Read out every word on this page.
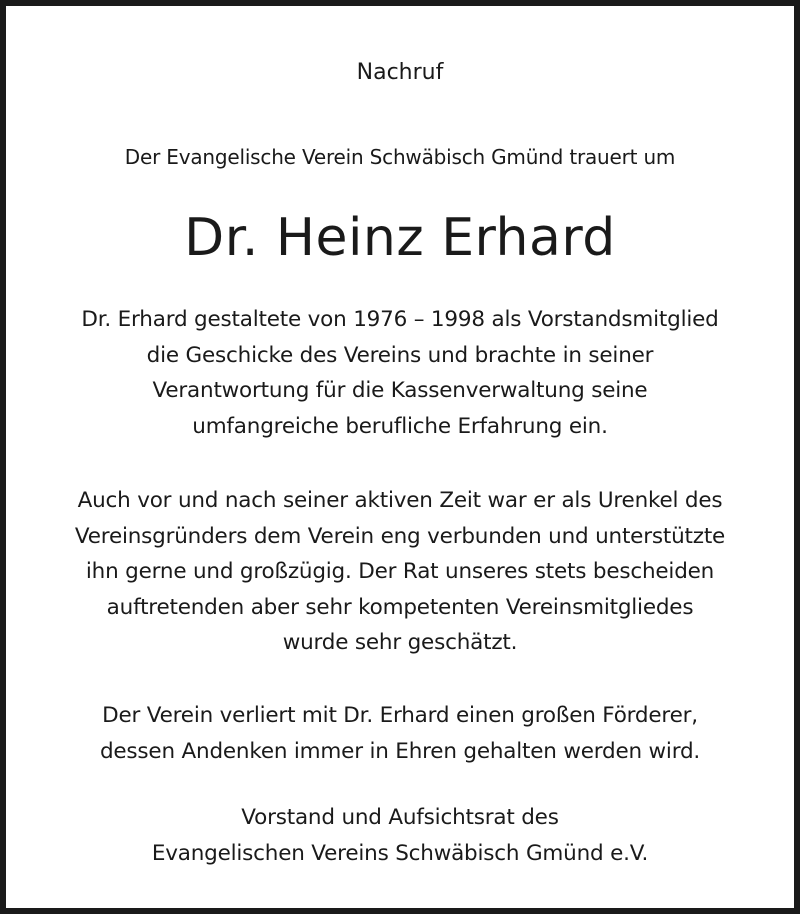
Nachruf
Der Evangelische Verein Schwäbisch Gmünd trauert um
Dr. Heinz Erhard
Dr. Erhard gestaltete von 1976 – 1998 als Vorstandsmitglied
die Geschicke des Vereins und brachte in seiner
Verantwortung für die Kassenverwaltung seine
umfangreiche berufliche Erfahrung ein.
Auch vor und nach seiner aktiven Zeit war er als Urenkel des
Vereinsgründers dem Verein eng verbunden und unterstützte
ihn gerne und großzügig. Der Rat unseres stets bescheiden
auftretenden aber sehr kompetenten Vereinsmitgliedes
wurde sehr geschätzt.
Der Verein verliert mit Dr. Erhard einen großen Förderer,
dessen Andenken immer in Ehren gehalten werden wird.
Vorstand und Aufsichtsrat des
Evangelischen Vereins Schwäbisch Gmünd e.V.
